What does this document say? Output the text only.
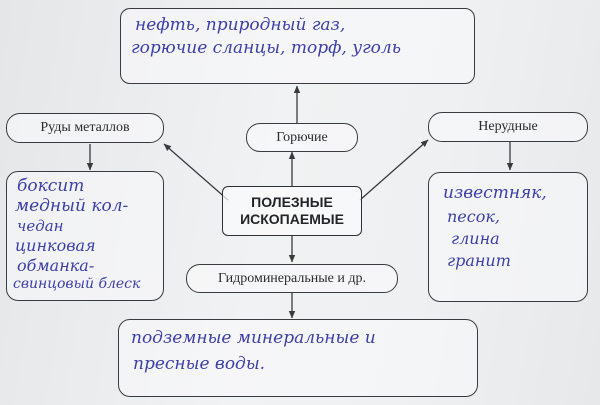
нефть, природный газ,
горючие сланцы, торф, уголь
Горючие
Руды металлов	Нерудные
боксит
медный кол-
чедан
цинковая
обманка-
свинцовый блеск
ПОЛЕЗНЫЕ
ИСКОПАЕМЫЕ
известняк,
песок,
глина
гранит
Гидроминеральные и др.
подземные минеральные и
пресные воды.
